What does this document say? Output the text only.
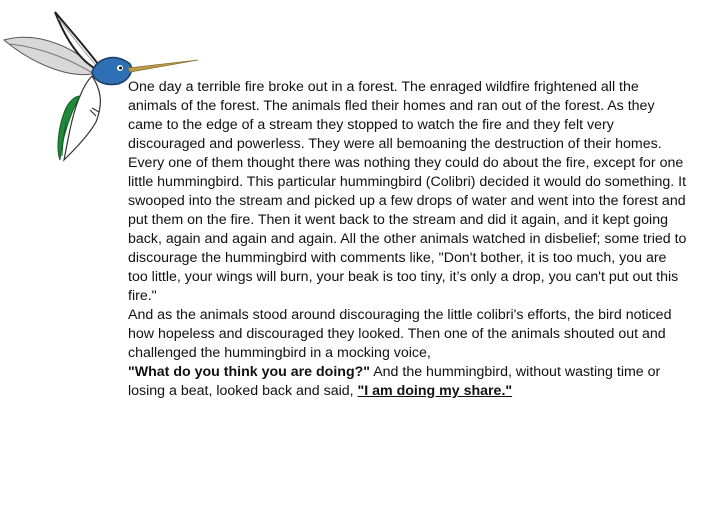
One day a terrible fire broke out in a forest. The enraged wildfire frightened all the animals of the forest. The animals fled their homes and ran out of the forest. As they came to the edge of a stream they stopped to watch the fire and they felt very discouraged and powerless. They were all bemoaning the destruction of their homes. Every one of them thought there was nothing they could do about the fire, except for one little hummingbird. This particular hummingbird (Colibri) decided it would do something. It swooped into the stream and picked up a few drops of water and went into the forest and put them on the fire. Then it went back to the stream and did it again, and it kept going back, again and again and again. All the other animals watched in disbelief; some tried to discourage the hummingbird with comments like, "Don't bother, it is too much, you are too little, your wings will burn, your beak is too tiny, it’s only a drop, you can't put out this fire."

And as the animals stood around discouraging the little colibri's efforts, the bird noticed how hopeless and discouraged they looked. Then one of the animals shouted out and challenged the hummingbird in a mocking voice,

"What do you think you are doing?" And the hummingbird, without wasting time or losing a beat, looked back and said, "I am doing my share."
